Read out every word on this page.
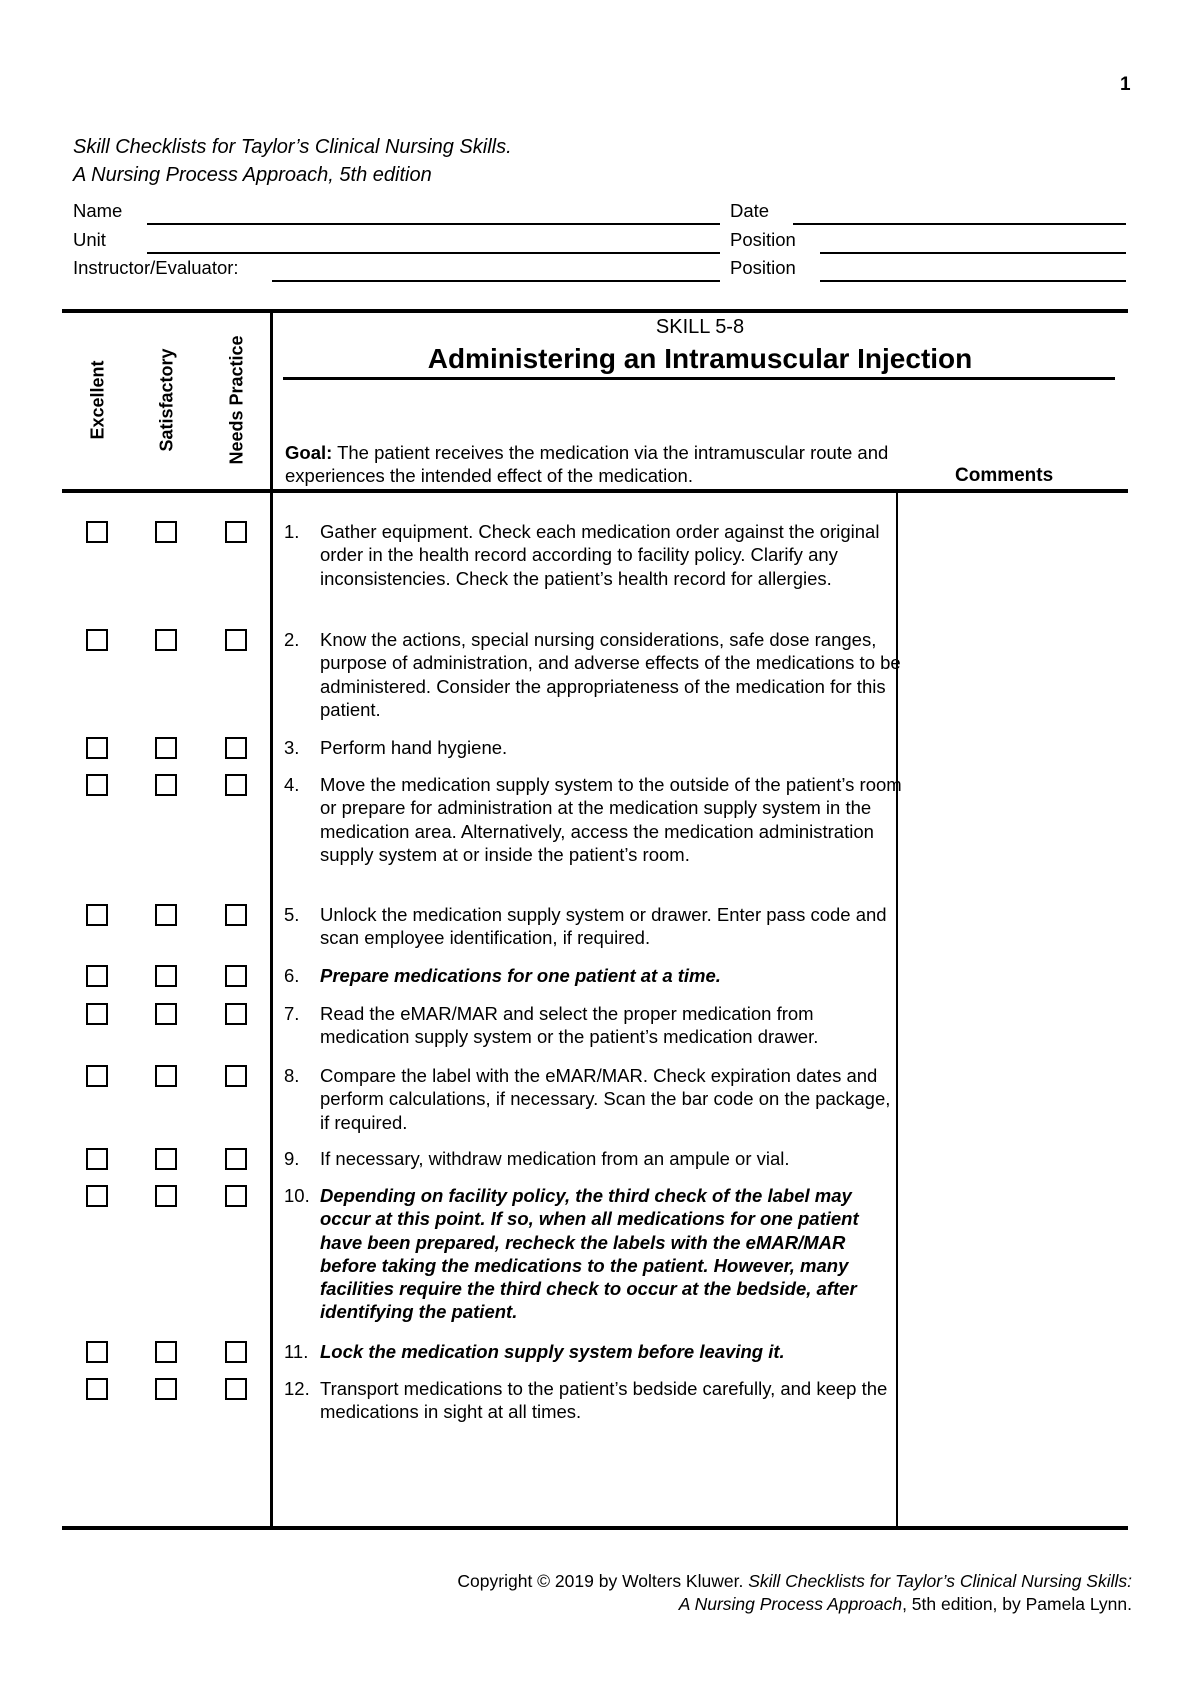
1
Skill Checklists for Taylor’s Clinical Nursing Skills.
A Nursing Process Approach, 5th edition
Name
Unit
Instructor/Evaluator:
Date
Position
Position
Excellent	Satisfactory	Needs Practice
SKILL 5-8
Administering an Intramuscular Injection
Goal: The patient receives the medication via the intramuscular route and experiences the intended effect of the medication.	Comments
1. Gather equipment. Check each medication order against the original order in the health record according to facility policy. Clarify any inconsistencies. Check the patient’s health record for allergies.
2. Know the actions, special nursing considerations, safe dose ranges, purpose of administration, and adverse effects of the medications to be administered. Consider the appropriateness of the medication for this patient.
3. Perform hand hygiene.
4. Move the medication supply system to the outside of the patient’s room or prepare for administration at the medication supply system in the medication area. Alternatively, access the medication administration supply system at or inside the patient’s room.
5. Unlock the medication supply system or drawer. Enter pass code and scan employee identification, if required.
6. Prepare medications for one patient at a time.
7. Read the eMAR/MAR and select the proper medication from medication supply system or the patient’s medication drawer.
8. Compare the label with the eMAR/MAR. Check expiration dates and perform calculations, if necessary. Scan the bar code on the package, if required.
9. If necessary, withdraw medication from an ampule or vial.
10. Depending on facility policy, the third check of the label may occur at this point. If so, when all medications for one patient have been prepared, recheck the labels with the eMAR/MAR before taking the medications to the patient. However, many facilities require the third check to occur at the bedside, after identifying the patient.
11. Lock the medication supply system before leaving it.
12. Transport medications to the patient’s bedside carefully, and keep the medications in sight at all times.
Copyright © 2019 by Wolters Kluwer. Skill Checklists for Taylor’s Clinical Nursing Skills:
A Nursing Process Approach, 5th edition, by Pamela Lynn.
